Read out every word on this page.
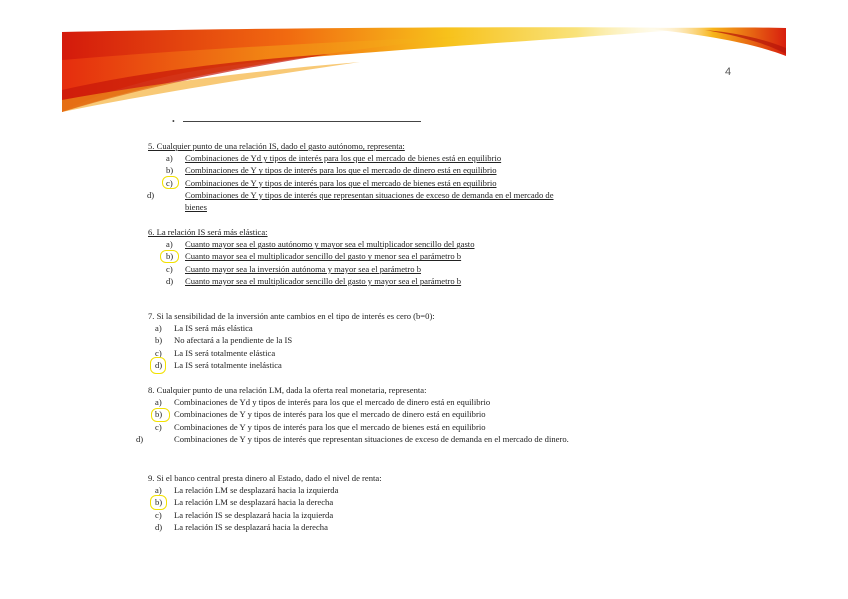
4
•
5. Cualquier punto de una relación IS, dado el gasto autónomo, representa:
a) Combinaciones de Yd y tipos de interés para los que el mercado de bienes está en equilibrio
b) Combinaciones de Y y tipos de interés para los que el mercado de dinero está en equilibrio
c) Combinaciones de Y y tipos de interés para los que el mercado de bienes está en equilibrio
d)	Combinaciones de Y y tipos de interés que representan situaciones de exceso de demanda en el mercado de bienes
6. La relación IS será más elástica:
a) Cuanto mayor sea el gasto autónomo y mayor sea el multiplicador sencillo del gasto
b) Cuanto mayor sea el multiplicador sencillo del gasto y menor sea el parámetro b
c) Cuanto mayor sea la inversión autónoma y mayor sea el parámetro b
d) Cuanto mayor sea el multiplicador sencillo del gasto y mayor sea el parámetro b
7. Si la sensibilidad de la inversión ante cambios en el tipo de interés es cero (b=0):
a) La IS será más elástica
b) No afectará a la pendiente de la IS
c) La IS será totalmente elástica
d) La IS será totalmente inelástica
8. Cualquier punto de una relación LM, dada la oferta real monetaria, representa:
a) Combinaciones de Yd y tipos de interés para los que el mercado de dinero está en equilibrio
b) Combinaciones de Y y tipos de interés para los que el mercado de dinero está en equilibrio
c) Combinaciones de Y y tipos de interés para los que el mercado de bienes está en equilibrio
d)	Combinaciones de Y y tipos de interés que representan situaciones de exceso de demanda en el mercado de dinero.
9. Si el banco central presta dinero al Estado, dado el nivel de renta:
a) La relación LM se desplazará hacia la izquierda
b) La relación LM se desplazará hacia la derecha
c) La relación IS se desplazará hacia la izquierda
d) La relación IS se desplazará hacia la derecha
